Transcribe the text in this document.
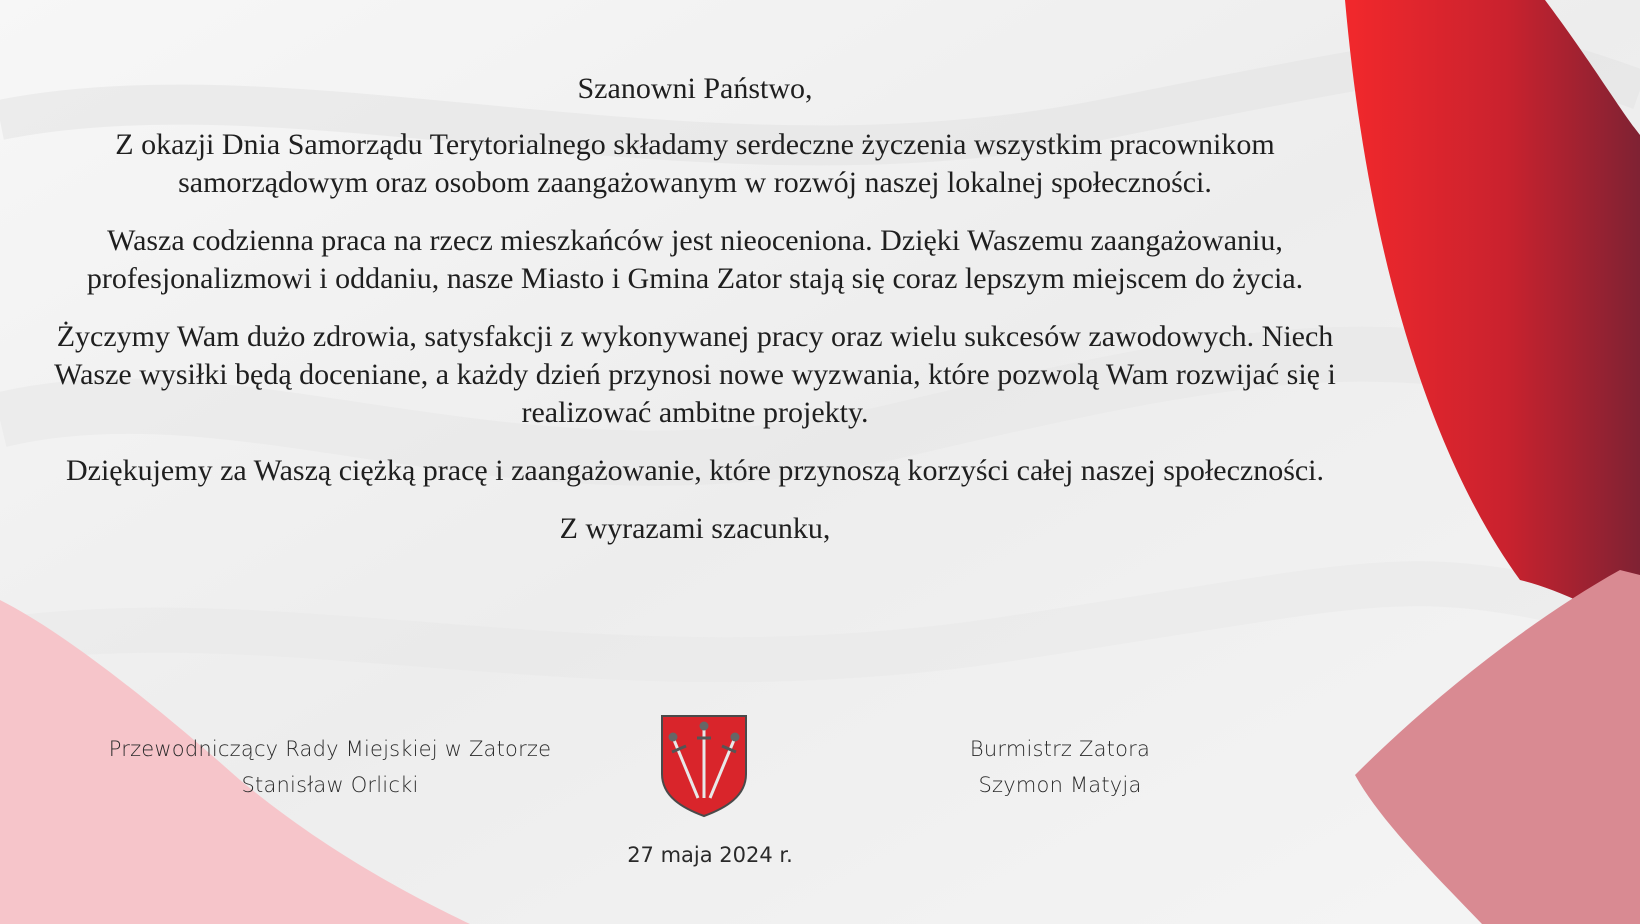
Szanowni Państwo,

Z okazji Dnia Samorządu Terytorialnego składamy serdeczne życzenia wszystkim pracownikom samorządowym oraz osobom zaangażowanym w rozwój naszej lokalnej społeczności.

Wasza codzienna praca na rzecz mieszkańców jest nieoceniona. Dzięki Waszemu zaangażowaniu, profesjonalizmowi i oddaniu, nasze Miasto i Gmina Zator stają się coraz lepszym miejscem do życia.

Życzymy Wam dużo zdrowia, satysfakcji z wykonywanej pracy oraz wielu sukcesów zawodowych. Niech Wasze wysiłki będą doceniane, a każdy dzień przynosi nowe wyzwania, które pozwolą Wam rozwijać się i realizować ambitne projekty.

Dziękujemy za Waszą ciężką pracę i zaangażowanie, które przynoszą korzyści całej naszej społeczności.

Z wyrazami szacunku,

Przewodniczący Rady Miejskiej w Zatorze
Stanisław Orlicki
Burmistrz Zatora
Szymon Matyja
27 maja 2024 r.
